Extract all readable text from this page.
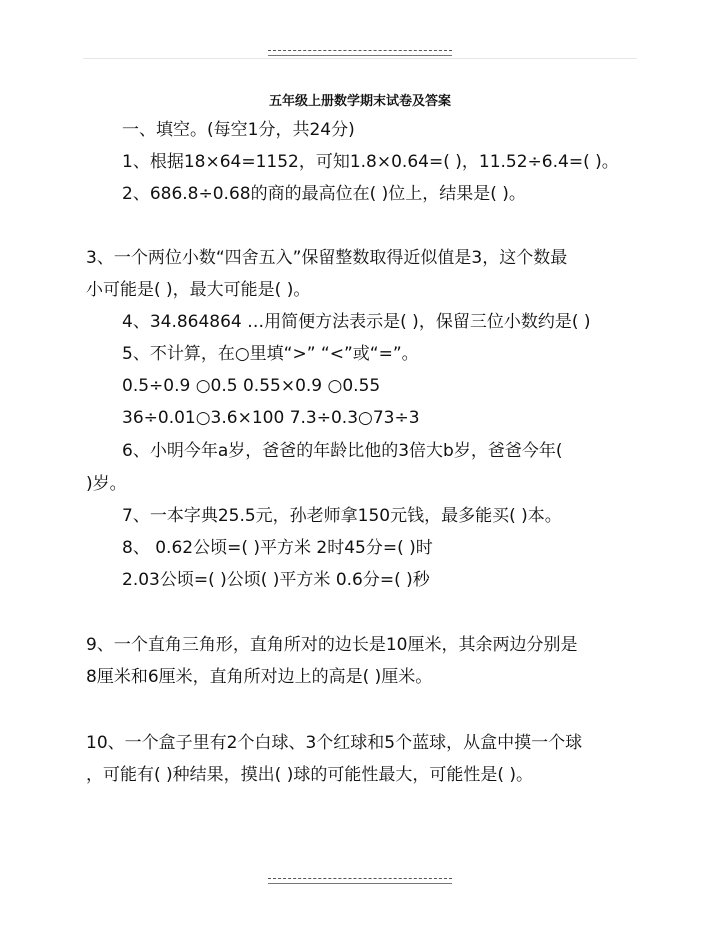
五年级上册数学期末试卷及答案
一、填空。(每空1分，共24分)
1、根据18×64=1152，可知1.8×0.64=( )，11.52÷6.4=( )。
2、686.8÷0.68的商的最高位在( )位上，结果是( )。
3、一个两位小数“四舍五入”保留整数取得近似值是3，这个数最
小可能是( )，最大可能是( )。
4、34.864864 …用简便方法表示是( )，保留三位小数约是( )
5、不计算，在○里填“>” “<”或“=”。
0.5÷0.9 ○0.5 0.55×0.9 ○0.55
36÷0.01○3.6×100 7.3÷0.3○73÷3
6、小明今年a岁，爸爸的年龄比他的3倍大b岁，爸爸今年(
)岁。
7、一本字典25.5元，孙老师拿150元钱，最多能买( )本。
8、 0.62公顷=( )平方米 2时45分=( )时
2.03公顷=( )公顷( )平方米 0.6分=( )秒
9、一个直角三角形，直角所对的边长是10厘米，其余两边分别是
8厘米和6厘米，直角所对边上的高是( )厘米。
10、一个盒子里有2个白球、3个红球和5个蓝球，从盒中摸一个球
，可能有( )种结果，摸出( )球的可能性最大，可能性是( )。
